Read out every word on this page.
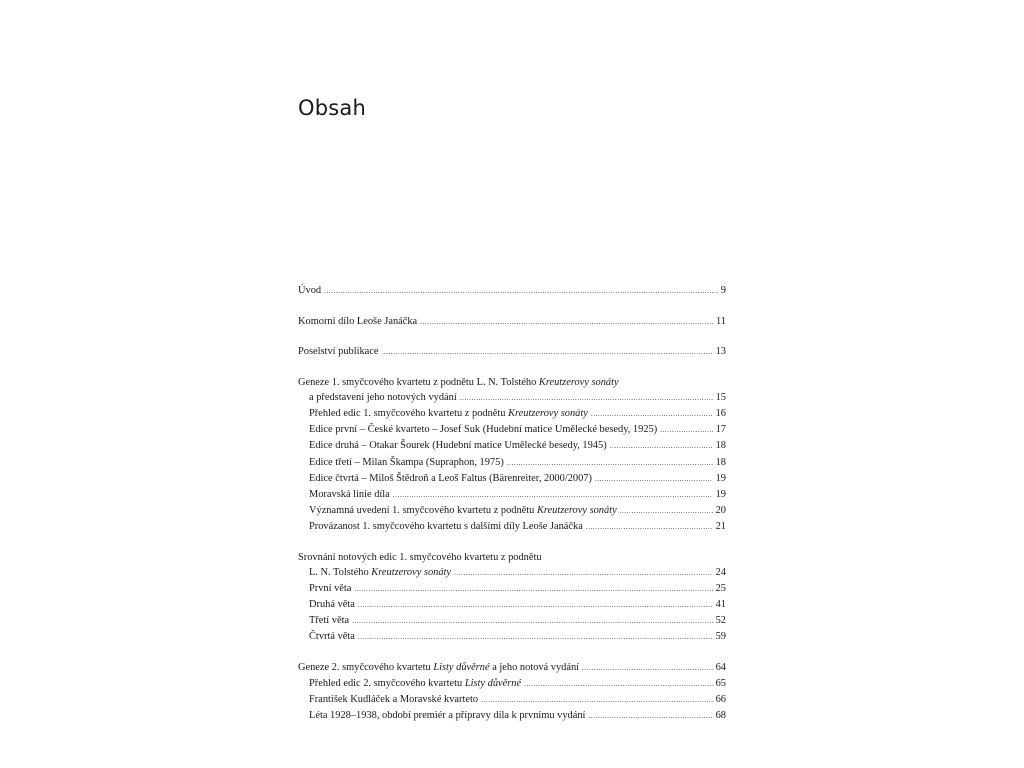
Obsah
Úvod .....	9
Komorní dílo Leoše Janáčka .....	11
Poselství publikace .....	13
Geneze 1. smyčcového kvartetu z podnětu L. N. Tolstého Kreutzerovy sonáty
a představení jeho notových vydání .....	15
Přehled edic 1. smyčcového kvartetu z podnětu Kreutzerovy sonáty .....	16
Edice první – České kvarteto – Josef Suk (Hudební matice Umělecké besedy, 1925) .....	17
Edice druhá – Otakar Šourek (Hudební matice Umělecké besedy, 1945) .....	18
Edice třetí – Milan Škampa (Supraphon, 1975) .....	18
Edice čtvrtá – Miloš Štědroň a Leoš Faltus (Bärenreiter, 2000/2007) .....	19
Moravská linie díla .....	19
Významná uvedení 1. smyčcového kvartetu z podnětu Kreutzerovy sonáty .....	20
Provázanost 1. smyčcového kvartetu s dalšími díly Leoše Janáčka .....	21
Srovnání notových edic 1. smyčcového kvartetu z podnětu
L. N. Tolstého Kreutzerovy sonáty .....	24
První věta .....	25
Druhá věta .....	41
Třetí věta .....	52
Čtvrtá věta .....	59
Geneze 2. smyčcového kvartetu Listy důvěrné a jeho notová vydání .....	64
Přehled edic 2. smyčcového kvartetu Listy důvěrné .....	65
František Kudláček a Moravské kvarteto .....	66
Léta 1928–1938, období premiér a přípravy díla k prvnímu vydání .....	68
